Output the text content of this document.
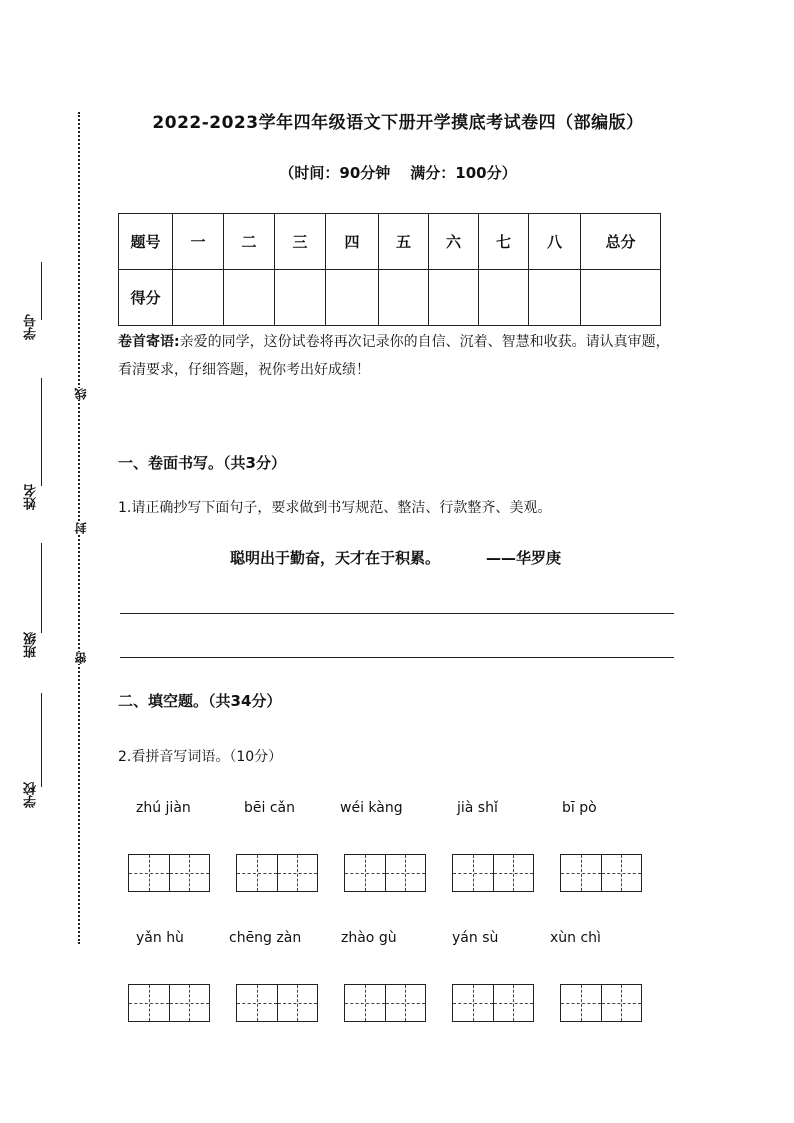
学号
姓名
班级
学校
线
封
密
2022-2023学年四年级语文下册开学摸底考试卷四（部编版）
（时间：90分钟 满分：100分）
题号	一	二	三	四	五	六	七	八	总分
得分									
卷首寄语:亲爱的同学，这份试卷将再次记录你的自信、沉着、智慧和收获。请认真审题，看清要求，仔细答题，祝你考出好成绩！
一、卷面书写。（共3分）
1.请正确抄写下面句子，要求做到书写规范、整洁、行款整齐、美观。
聪明出于勤奋，天才在于积累。	——华罗庚
二、填空题。（共34分）
2.看拼音写词语。（10分）
zhú jiàn	bēi cǎn	wéi kàng	jià shǐ	bī pò
yǎn hù	chēng zàn	zhào gù	yán sù	xùn chì
